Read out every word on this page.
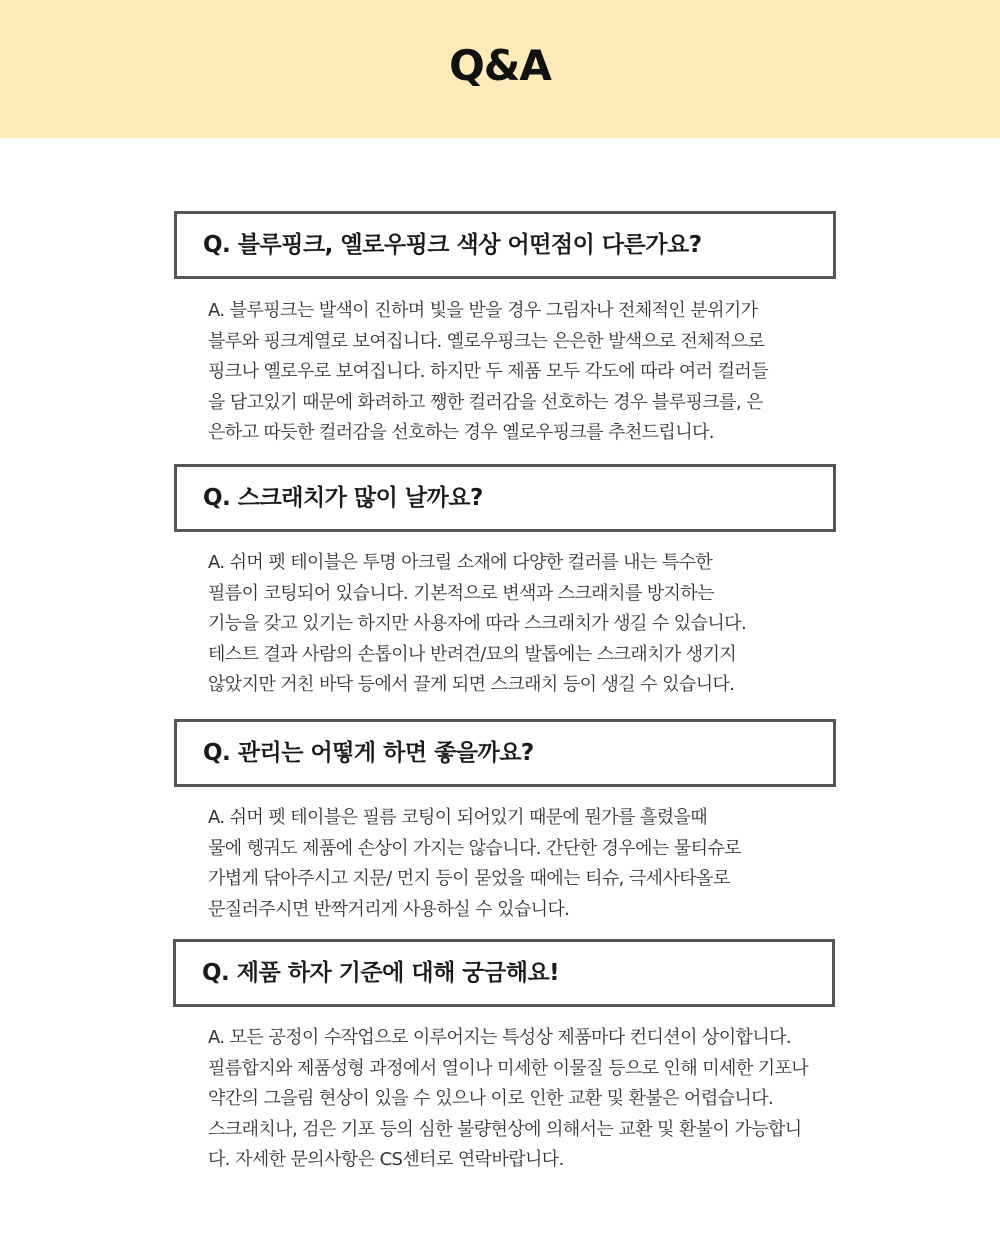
Q&A
Q. 블루핑크, 옐로우핑크 색상 어떤점이 다른가요?
A. 블루핑크는 발색이 진하며 빛을 받을 경우 그림자나 전체적인 분위기가
블루와 핑크계열로 보여집니다. 옐로우핑크는 은은한 발색으로 전체적으로
핑크나 옐로우로 보여집니다. 하지만 두 제품 모두 각도에 따라 여러 컬러들
을 담고있기 때문에 화려하고 쨍한 컬러감을 선호하는 경우 블루핑크를, 은
은하고 따듯한 컬러감을 선호하는 경우 옐로우핑크를 추천드립니다.
Q. 스크래치가 많이 날까요?
A. 쉬머 펫 테이블은 투명 아크릴 소재에 다양한 컬러를 내는 특수한
필름이 코팅되어 있습니다. 기본적으로 변색과 스크래치를 방지하는
기능을 갖고 있기는 하지만 사용자에 따라 스크래치가 생길 수 있습니다.
테스트 결과 사람의 손톱이나 반려견/묘의 발톱에는 스크래치가 생기지
않았지만 거친 바닥 등에서 끌게 되면 스크래치 등이 생길 수 있습니다.
Q. 관리는 어떻게 하면 좋을까요?
A. 쉬머 펫 테이블은 필름 코팅이 되어있기 때문에 뭔가를 흘렸을때
물에 헹궈도 제품에 손상이 가지는 않습니다. 간단한 경우에는 물티슈로
가볍게 닦아주시고 지문/ 먼지 등이 묻었을 때에는 티슈, 극세사타올로
문질러주시면 반짝거리게 사용하실 수 있습니다.
Q. 제품 하자 기준에 대해 궁금해요!
A. 모든 공정이 수작업으로 이루어지는 특성상 제품마다 컨디션이 상이합니다.
필름합지와 제품성형 과정에서 열이나 미세한 이물질 등으로 인해 미세한 기포나
약간의 그을림 현상이 있을 수 있으나 이로 인한 교환 및 환불은 어렵습니다.
스크래치나, 검은 기포 등의 심한 불량현상에 의해서는 교환 및 환불이 가능합니
다. 자세한 문의사항은 CS센터로 연락바랍니다.
